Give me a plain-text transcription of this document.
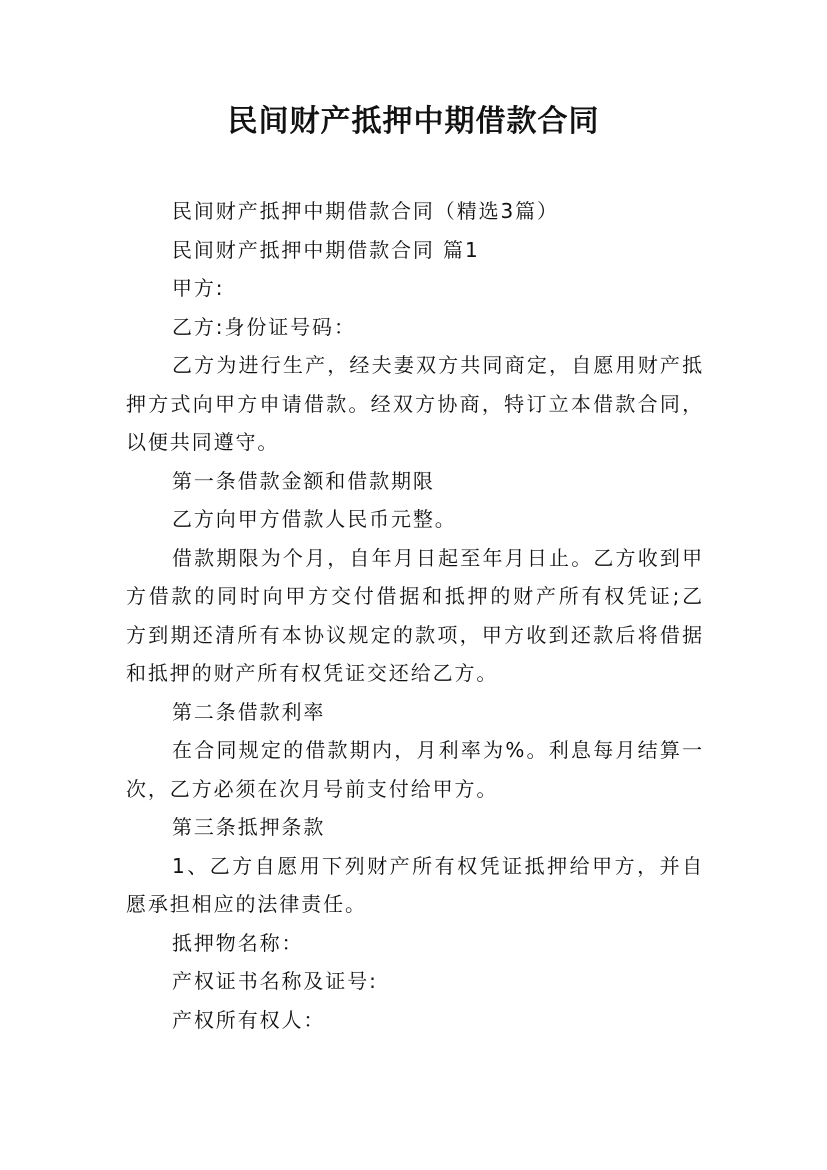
民间财产抵押中期借款合同

民间财产抵押中期借款合同（精选3篇）

民间财产抵押中期借款合同 篇1

甲方:

乙方:身份证号码：

乙方为进行生产，经夫妻双方共同商定，自愿用财产抵押方式向甲方申请借款。经双方协商，特订立本借款合同，以便共同遵守。

第一条借款金额和借款期限

乙方向甲方借款人民币元整。

借款期限为个月，自年月日起至年月日止。乙方收到甲方借款的同时向甲方交付借据和抵押的财产所有权凭证;乙方到期还清所有本协议规定的款项，甲方收到还款后将借据和抵押的财产所有权凭证交还给乙方。

第二条借款利率

在合同规定的借款期内，月利率为%。利息每月结算一次，乙方必须在次月号前支付给甲方。

第三条抵押条款

1、乙方自愿用下列财产所有权凭证抵押给甲方，并自愿承担相应的法律责任。

抵押物名称：

产权证书名称及证号:

产权所有权人：
